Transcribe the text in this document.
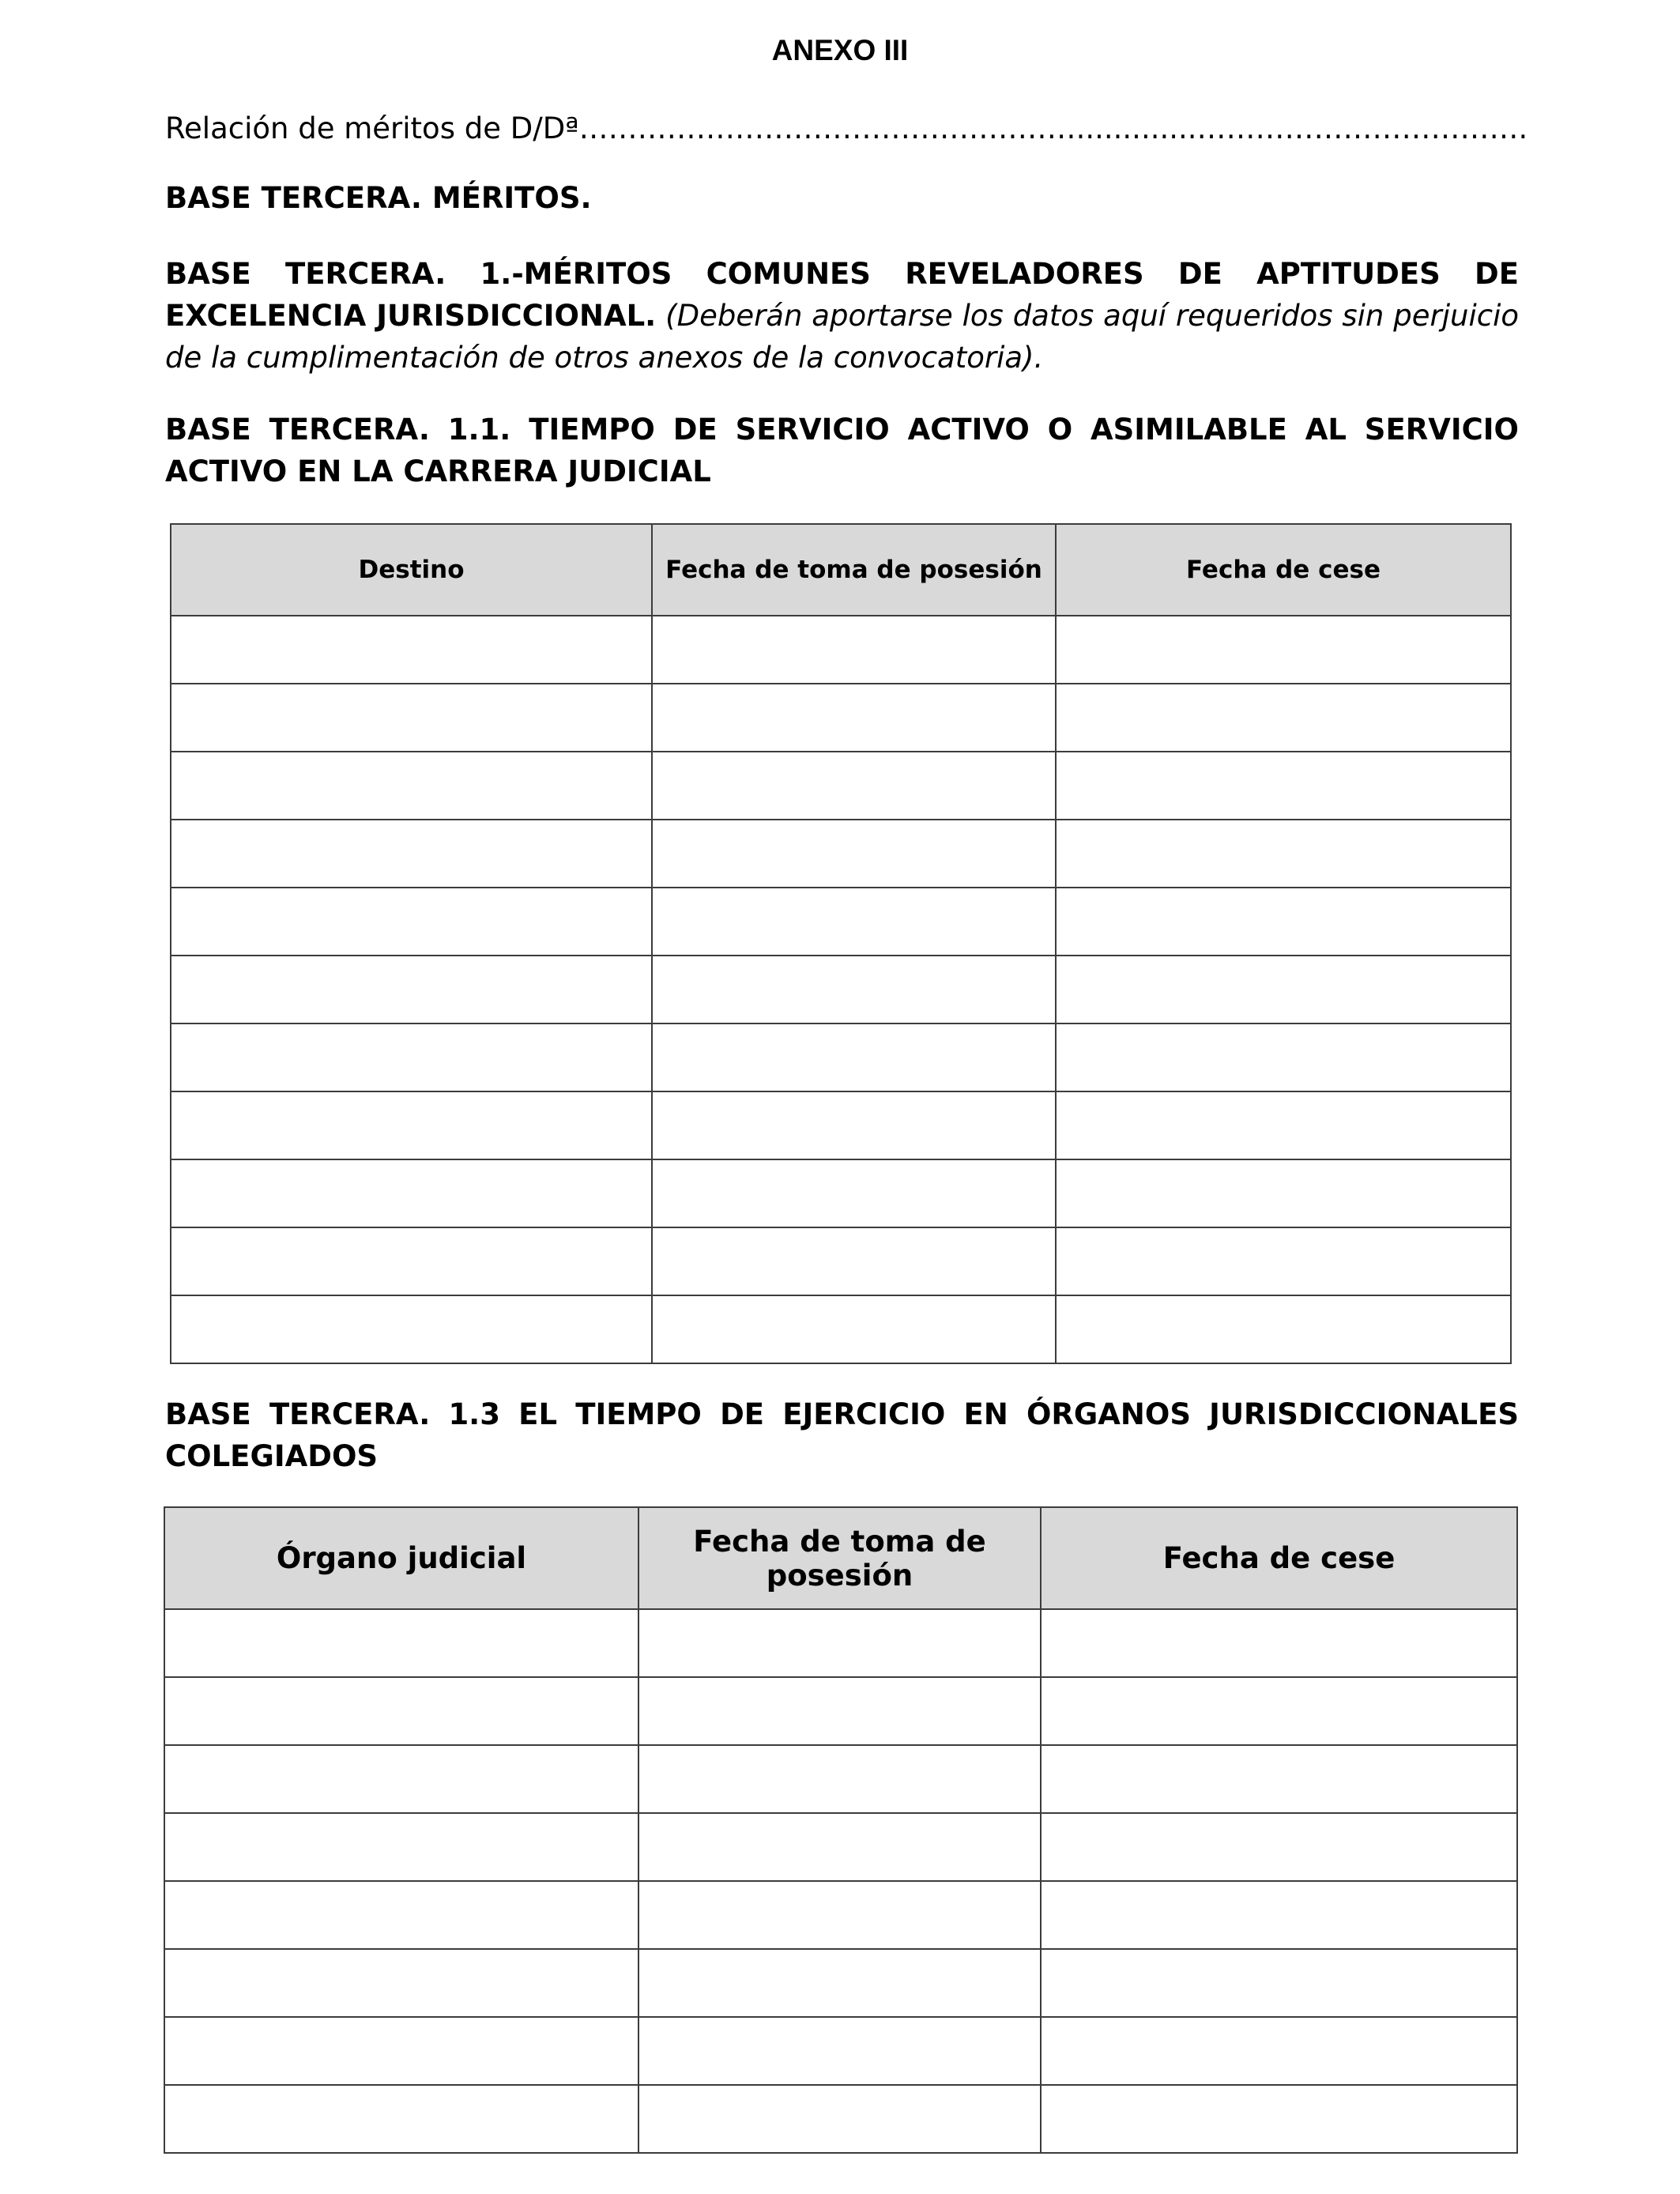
ANEXO III
Relación de méritos de D/Dª…………………………………………….............…………………………….
BASE TERCERA. MÉRITOS.
BASE TERCERA. 1.-MÉRITOS COMUNES REVELADORES DE APTITUDES DE EXCELENCIA JURISDICCIONAL. (Deberán aportarse los datos aquí requeridos sin perjuicio de la cumplimentación de otros anexos de la convocatoria).
BASE TERCERA. 1.1. TIEMPO DE SERVICIO ACTIVO O ASIMILABLE AL SERVICIO ACTIVO EN LA CARRERA JUDICIAL
Destino	Fecha de toma de posesión	Fecha de cese

BASE TERCERA. 1.3 EL TIEMPO DE EJERCICIO EN ÓRGANOS JURISDICCIONALES COLEGIADOS
Órgano judicial	Fecha de toma de posesión	Fecha de cese
